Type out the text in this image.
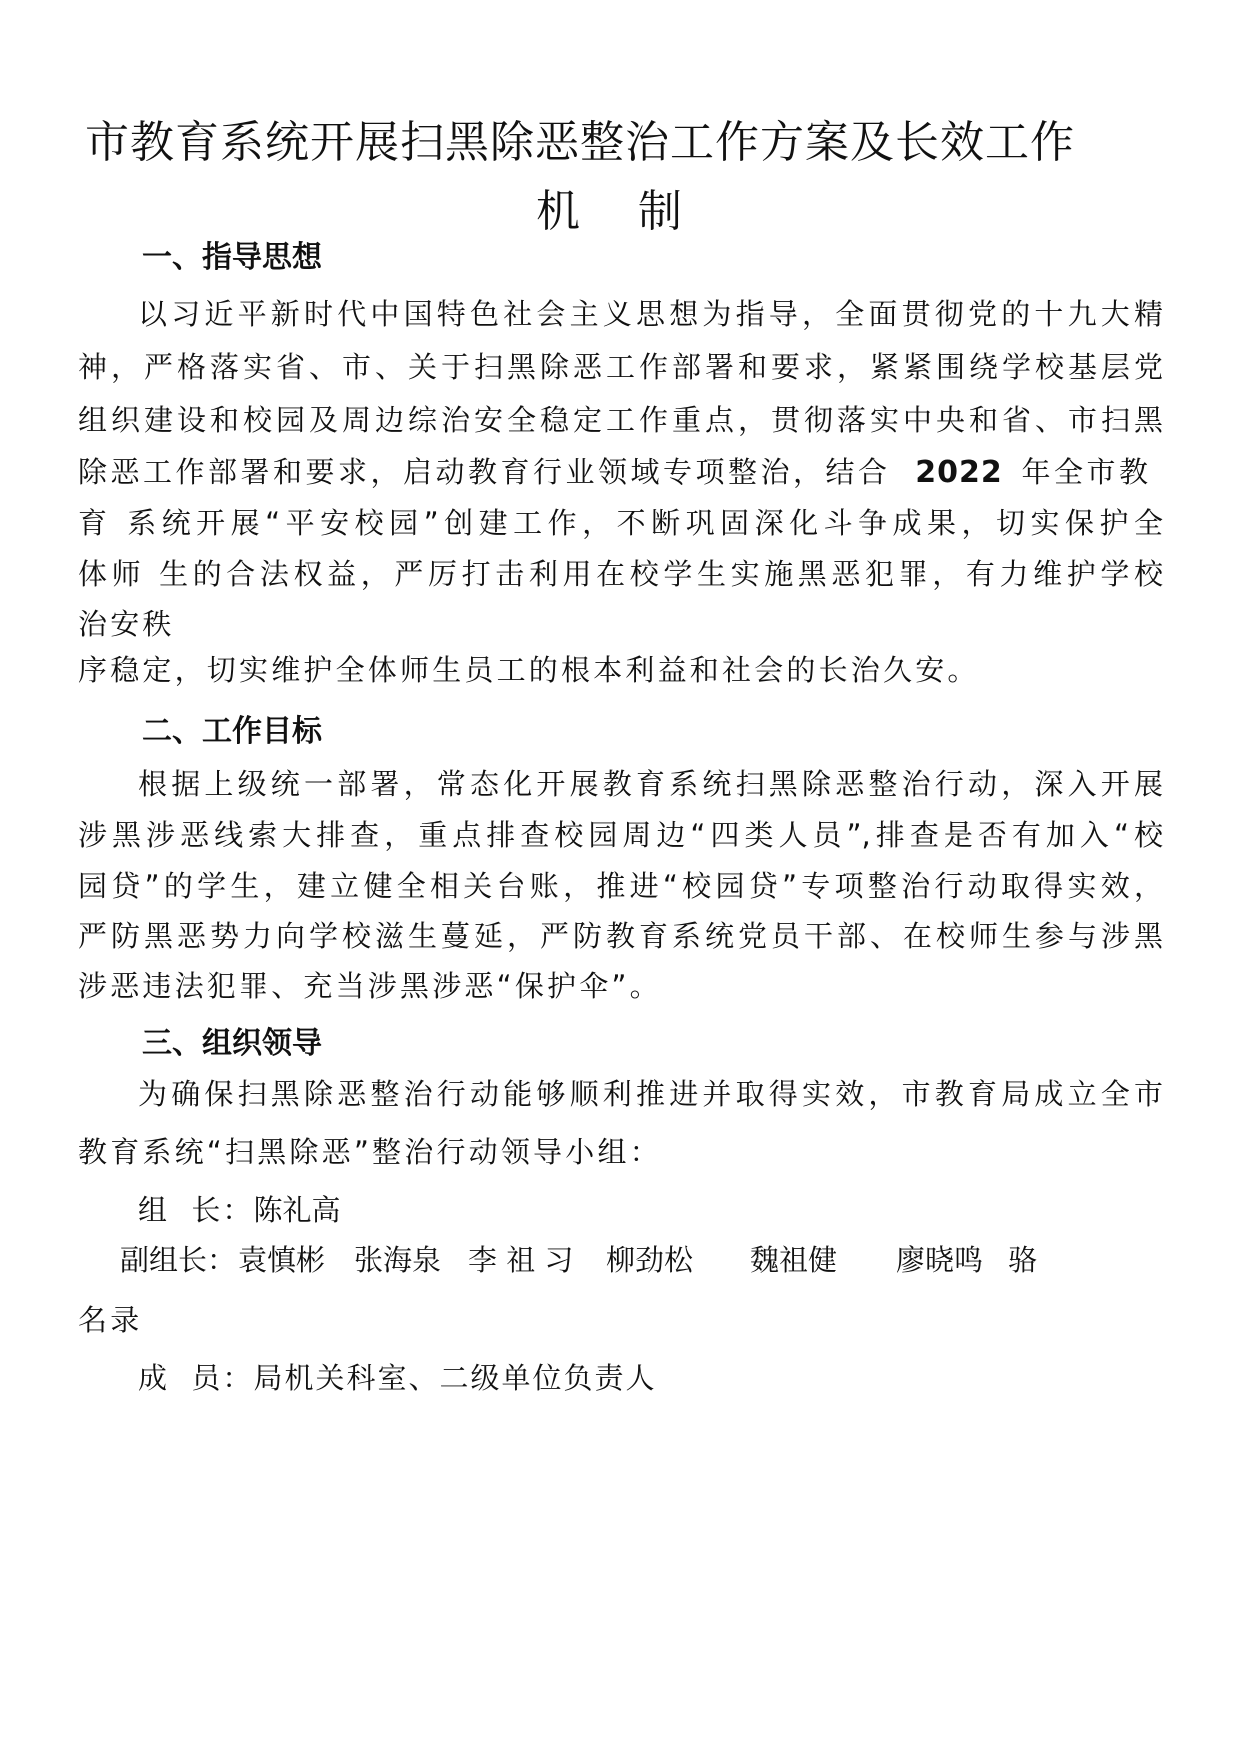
市教育系统开展扫黑除恶整治工作方案及长效工作
机 制
一、指导思想
以习近平新时代中国特色社会主义思想为指导，全面贯彻党的十九大精
神，严格落实省、市、关于扫黑除恶工作部署和要求，紧紧围绕学校基层党
组织建设和校园及周边综治安全稳定工作重点，贯彻落实中央和省、市扫黑
除恶工作部署和要求，启动教育行业领域专项整治，结合 2022 年全市教
育 系统开展“平安校园”创建工作，不断巩固深化斗争成果，切实保护全
体师 生的合法权益，严厉打击利用在校学生实施黑恶犯罪，有力维护学校
治安秩
序稳定，切实维护全体师生员工的根本利益和社会的长治久安。
二、工作目标
根据上级统一部署，常态化开展教育系统扫黑除恶整治行动，深入开展
涉黑涉恶线索大排查，重点排查校园周边“四类人员”,排查是否有加入“校
园贷”的学生，建立健全相关台账，推进“校园贷”专项整治行动取得实效，
严防黑恶势力向学校滋生蔓延，严防教育系统党员干部、在校师生参与涉黑
涉恶违法犯罪、充当涉黑涉恶“保护伞”。
三、组织领导
为确保扫黑除恶整治行动能够顺利推进并取得实效，市教育局成立全市
教育系统“扫黑除恶”整治行动领导小组：
组  长：陈礼高
副组长： 袁慎彬 张海泉 李 祖 习 柳劲松 魏祖健 廖晓鸣 骆
名录
成  员：局机关科室、二级单位负责人
